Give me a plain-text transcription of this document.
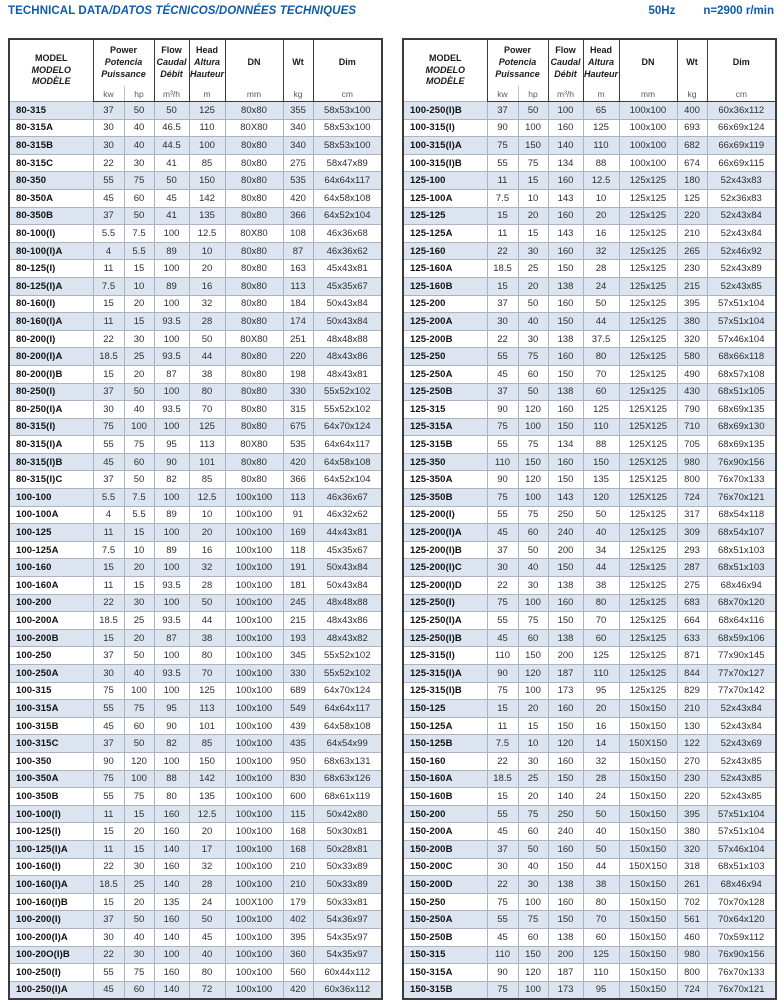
TECHNICAL DATA/DATOS TÉCNICOS/DONNÉES TECHNIQUES	50Hz n=2900 r/min
MODEL
MODELO
MODÈLE

Power
Potencia
Puissance

Flow
Caudal
Débit

Head
Altura
Hauteur
	DN	Wt	Dim
	kw	hp	m³/h	m	mm	kg	cm
80-315	37	50	50	125	80x80	355	58x53x100
80-315A	30	40	46.5	110	80X80	340	58x53x100
80-315B	30	40	44.5	100	80x80	340	58x53x100
80-315C	22	30	41	85	80x80	275	58x47x89
80-350	55	75	50	150	80x80	535	64x64x117
80-350A	45	60	45	142	80x80	420	64x58x108
80-350B	37	50	41	135	80x80	366	64x52x104
80-100(I)	5.5	7.5	100	12.5	80X80	108	46x36x68
80-100(I)A	4	5.5	89	10	80x80	87	46x36x62
80-125(I)	11	15	100	20	80x80	163	45x43x81
80-125(I)A	7.5	10	89	16	80x80	113	45x35x67
80-160(I)	15	20	100	32	80x80	184	50x43x84
80-160(I)A	11	15	93.5	28	80x80	174	50x43x84
80-200(I)	22	30	100	50	80X80	251	48x48x88
80-200(I)A	18.5	25	93.5	44	80x80	220	48x43x86
80-200(I)B	15	20	87	38	80x80	198	48x43x81
80-250(I)	37	50	100	80	80x80	330	55x52x102
80-250(I)A	30	40	93.5	70	80x80	315	55x52x102
80-315(I)	75	100	100	125	80x80	675	64x70x124
80-315(I)A	55	75	95	113	80X80	535	64x64x117
80-315(I)B	45	60	90	101	80x80	420	64x58x108
80-315(I)C	37	50	82	85	80x80	366	64x52x104
100-100	5.5	7.5	100	12.5	100x100	113	46x36x67
100-100A	4	5.5	89	10	100x100	91	46x32x62
100-125	11	15	100	20	100x100	169	44x43x81
100-125A	7.5	10	89	16	100x100	118	45x35x67
100-160	15	20	100	32	100x100	191	50x43x84
100-160A	11	15	93.5	28	100x100	181	50x43x84
100-200	22	30	100	50	100x100	245	48x48x88
100-200A	18.5	25	93.5	44	100x100	215	48x43x86
100-200B	15	20	87	38	100x100	193	48x43x82
100-250	37	50	100	80	100x100	345	55x52x102
100-250A	30	40	93.5	70	100x100	330	55x52x102
100-315	75	100	100	125	100x100	689	64x70x124
100-315A	55	75	95	113	100x100	549	64x64x117
100-315B	45	60	90	101	100x100	439	64x58x108
100-315C	37	50	82	85	100x100	435	64x54x99
100-350	90	120	100	150	100x100	950	68x63x131
100-350A	75	100	88	142	100x100	830	68x63x126
100-350B	55	75	80	135	100x100	600	68x61x119
100-100(I)	11	15	160	12.5	100x100	115	50x42x80
100-125(I)	15	20	160	20	100x100	168	50x30x81
100-125(I)A	11	15	140	17	100x100	168	50x28x81
100-160(I)	22	30	160	32	100x100	210	50x33x89
100-160(I)A	18.5	25	140	28	100x100	210	50x33x89
100-160(I)B	15	20	135	24	100X100	179	50x33x81
100-200(I)	37	50	160	50	100x100	402	54x36x97
100-200(I)A	30	40	140	45	100x100	395	54x35x97
100-20O(I)B	22	30	100	40	100x100	360	54x35x97
100-250(I)	55	75	160	80	100x100	560	60x44x112
100-250(I)A	45	60	140	72	100x100	420	60x36x112
MODEL
MODELO
MODÈLE

Power
Potencia
Puissance

Flow
Caudal
Débit

Head
Altura
Hauteur
	DN	Wt	Dim
	kw	hp	m³/h	m	mm	kg	cm
100-250(I)B	37	50	100	65	100x100	400	60x36x112
100-315(I)	90	100	160	125	100x100	693	66x69x124
100-315(I)A	75	150	140	110	100x100	682	66x69x119
100-315(I)B	55	75	134	88	100x100	674	66x69x115
125-100	11	15	160	12.5	125x125	180	52x43x83
125-100A	7.5	10	143	10	125x125	125	52x36x83
125-125	15	20	160	20	125x125	220	52x43x84
125-125A	11	15	143	16	125x125	210	52x43x84
125-160	22	30	160	32	125x125	265	52x46x92
125-160A	18.5	25	150	28	125x125	230	52x43x89
125-160B	15	20	138	24	125x125	215	52x43x85
125-200	37	50	160	50	125x125	395	57x51x104
125-200A	30	40	150	44	125x125	380	57x51x104
125-200B	22	30	138	37.5	125x125	320	57x46x104
125-250	55	75	160	80	125x125	580	68x66x118
125-250A	45	60	150	70	125x125	490	68x57x108
125-250B	37	50	138	60	125x125	430	68x51x105
125-315	90	120	160	125	125X125	790	68x69x135
125-315A	75	100	150	110	125X125	710	68x69x130
125-315B	55	75	134	88	125X125	705	68x69x135
125-350	110	150	160	150	125X125	980	76x90x156
125-350A	90	120	150	135	125X125	800	76x70x133
125-350B	75	100	143	120	125X125	724	76x70x121
125-200(I)	55	75	250	50	125x125	317	68x54x118
125-200(I)A	45	60	240	40	125x125	309	68x54x107
125-200(I)B	37	50	200	34	125x125	293	68x51x103
125-200(I)C	30	40	150	44	125x125	287	68x51x103
125-200(I)D	22	30	138	38	125x125	275	68x46x94
125-250(I)	75	100	160	80	125x125	683	68x70x120
125-250(I)A	55	75	150	70	125x125	664	68x64x116
125-250(I)B	45	60	138	60	125x125	633	68x59x106
125-315(I)	110	150	200	125	125x125	871	77x90x145
125-315(I)A	90	120	187	110	125x125	844	77x70x127
125-315(I)B	75	100	173	95	125x125	829	77x70x142
150-125	15	20	160	20	150x150	210	52x43x84
150-125A	11	15	150	16	150x150	130	52x43x84
150-125B	7.5	10	120	14	150X150	122	52x43x69
150-160	22	30	160	32	150x150	270	52x43x85
150-160A	18.5	25	150	28	150x150	230	52x43x85
150-160B	15	20	140	24	150x150	220	52x43x85
150-200	55	75	250	50	150x150	395	57x51x104
150-200A	45	60	240	40	150x150	380	57x51x104
150-200B	37	50	160	50	150x150	320	57x46x104
150-200C	30	40	150	44	150X150	318	68x51x103
150-200D	22	30	138	38	150x150	261	68x46x94
150-250	75	100	160	80	150x150	702	70x70x128
150-250A	55	75	150	70	150x150	561	70x64x120
150-250B	45	60	138	60	150x150	460	70x59x112
150-315	110	150	200	125	150x150	980	76x90x156
150-315A	90	120	187	110	150x150	800	76x70x133
150-315B	75	100	173	95	150x150	724	76x70x121
